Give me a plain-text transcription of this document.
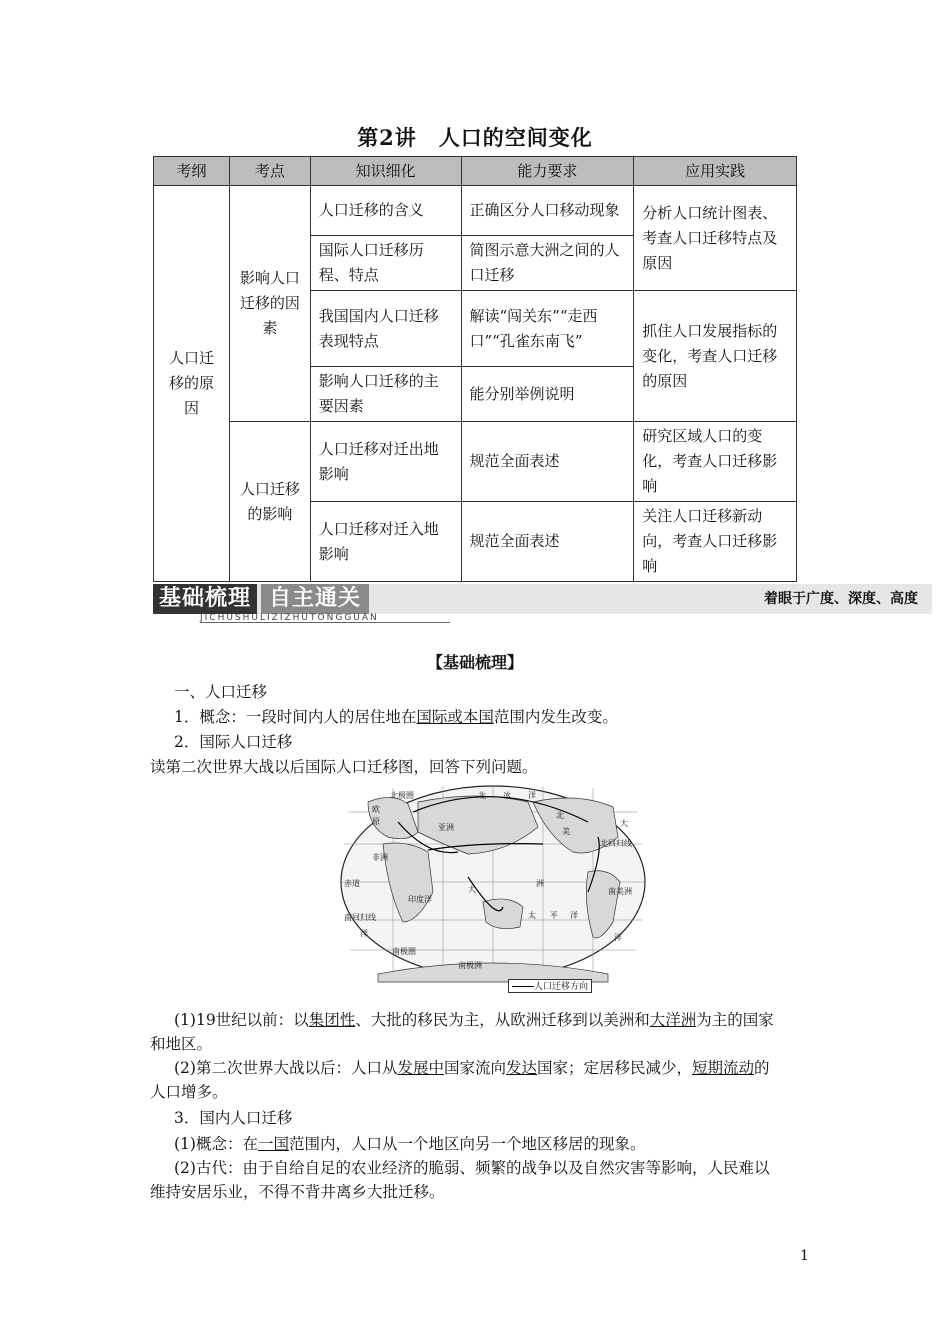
第2讲　人口的空间变化
考纲	考点	知识细化	能力要求	应用实践
人口迁移的原因	影响人口迁移的因素	人口迁移的含义	正确区分人口移动现象	分析人口统计图表、考查人口迁移特点及原因
		国际人口迁移历程、特点	简图示意大洲之间的人口迁移	
		我国国内人口迁移表现特点	解读“闯关东”“走西口”“孔雀东南飞”	抓住人口发展指标的变化，考查人口迁移的原因
		影响人口迁移的主要因素	能分别举例说明	
	人口迁移的影响	人口迁移对迁出地影响	规范全面表述	研究区域人口的变化，考查人口迁移影响
		人口迁移对迁入地影响	规范全面表述	关注人口迁移新动向，考查人口迁移影响
基础梳理 自主通关	着眼于广度、深度、高度
JICHUSHULIZIZHUTONGGUAN
【基础梳理】
一、人口迁移
1．概念：一段时间内人的居住地在国际或本国范围内发生改变。
2．国际人口迁移
读第二次世界大战以后国际人口迁移图，回答下列问题。
北极圈	北 冰 洋
亚洲
北
美
大
北回归线
欧
原
非洲
赤道
印度洋
洲
大
太 平 洋
南美洲
南回归线
洋
南极圈
南极洲
洋
人口迁移方向
(1)19世纪以前：以集团性、大批的移民为主，从欧洲迁移到以美洲和大洋洲为主的国家
和地区。
(2)第二次世界大战以后：人口从发展中国家流向发达国家；定居移民减少，短期流动的
人口增多。
3．国内人口迁移
(1)概念：在一国范围内，人口从一个地区向另一个地区移居的现象。
(2)古代：由于自给自足的农业经济的脆弱、频繁的战争以及自然灾害等影响，人民难以
维持安居乐业，不得不背井离乡大批迁移。
1
